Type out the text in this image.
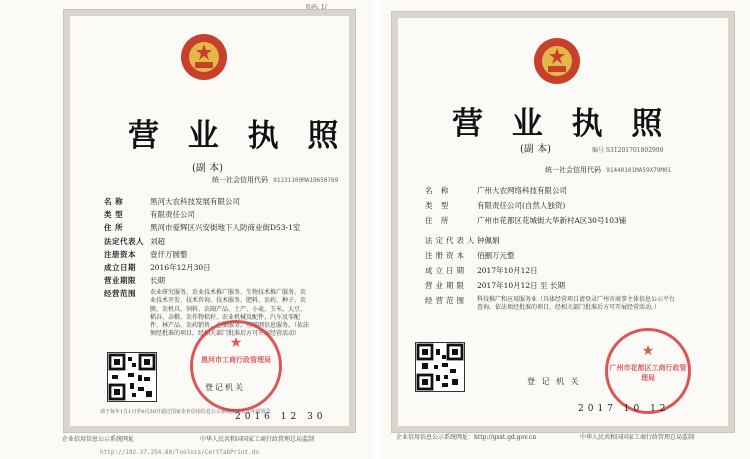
页码: 1/
营 业 执 照
(副 本)
统一社会信用代码 91231100MA19650769
名 称	黑河大农科技发展有限公司
类 型	有限责任公司
住 所	黑河市爱辉区兴安街地下人防商业街D53-1室
法定代表人 刘超
注册资本 壹仟万圆整
成立日期 2016年12月30日
营业期限 长期
经营范围	农业研究服务、农业技术推广服务、生物技术推广服务、农业技术开发、技术咨询、技术服务、肥料、农药、种子、农膜、农机具、饲料、农副产品、土产、小麦、玉米、大豆、稻谷、杂粮、农作物秸秆、农业机械及配件、汽车及零配件、林产品、农药销售、仓储服务、互联网信息服务。（依法须经批准的项目，经相关部门批准后方可开展经营活动）
★
黑河市工商行政管理局
登记机关
2016 12 30
请于每年1月1日至6月30日通过国家企业信用信息公示系统报送公示年度报告
企业信用信息公示系统网址	中华人民共和国国家工商行政管理总局监制
http://192.37.254.80/Toolois/CertTabPrint.do
营 业 执 照
(副 本)	编号 S31201701802990
统一社会信用代码 91440101MA59X79M01
名 称	广州大农网络科技有限公司
类 型	有限责任公司(自然人独资)
住 所	广州市花都区花城街大华新村A区30号103铺
法定代表人钟佩娟
注册资本 佰捌万元整
成立日期 2017年10月12日
营业期限 2017年10月12日 至 长期
经营范围	科技推广和应用服务业（具体经营项目请登录广州市商事主体信息公示平台查询。依法须经批准的项目，经相关部门批准后方可开展经营活动。）
★
广州市花都区工商行政管理局
登 记 机 关
2017 10 12
企业信用信息公示系统网址：http://gsxt.gd.gov.cn	中华人民共和国国家工商行政管理总局监制
